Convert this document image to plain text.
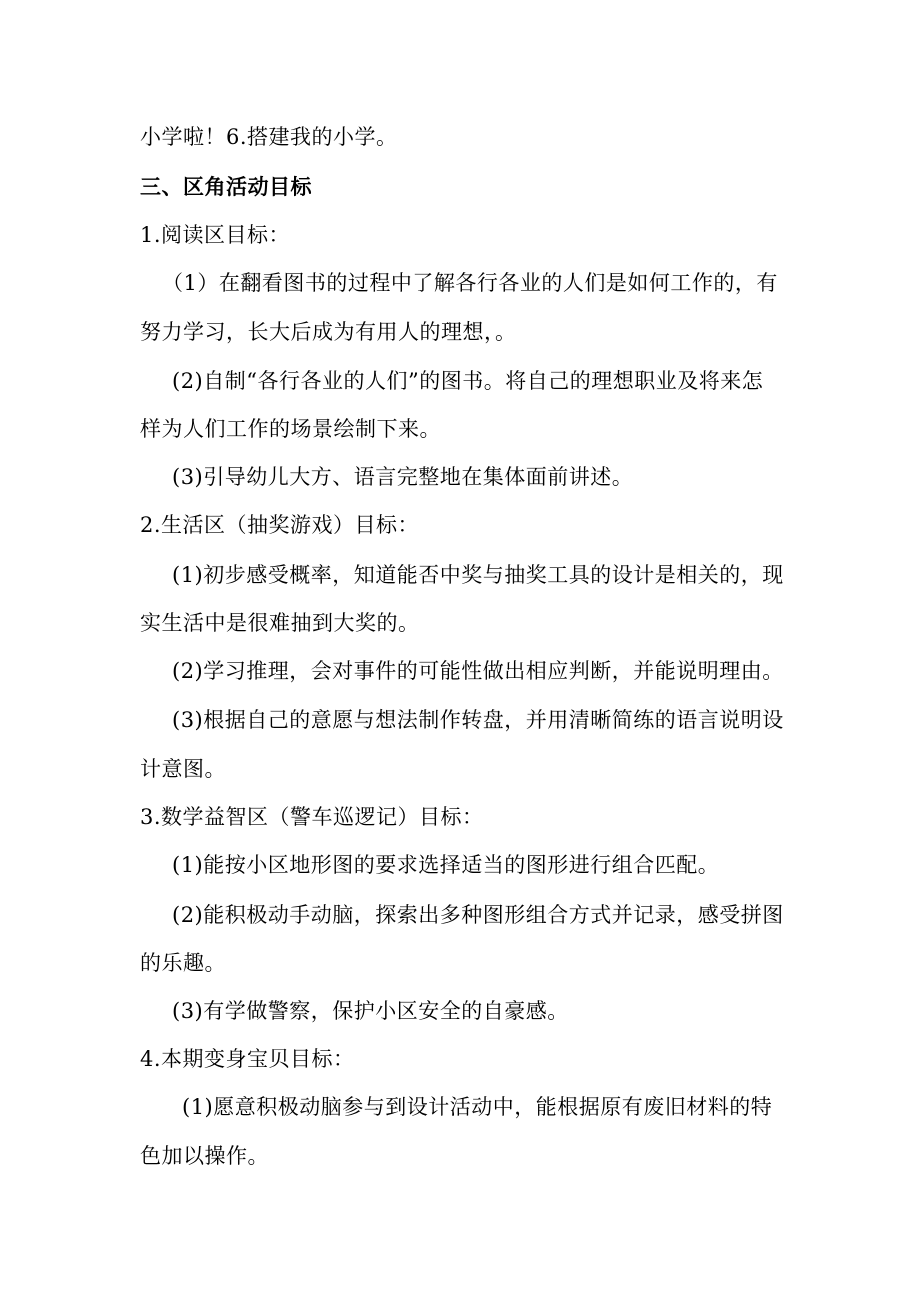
小学啦！6.搭建我的小学。
三、区角活动目标
1.阅读区目标：
（1）在翻看图书的过程中了解各行各业的人们是如何工作的，有
努力学习，长大后成为有用人的理想，。
(2)自制“各行各业的人们”的图书。将自己的理想职业及将来怎
样为人们工作的场景绘制下来。
(3)引导幼儿大方、语言完整地在集体面前讲述。
2.生活区（抽奖游戏）目标：
(1)初步感受概率，知道能否中奖与抽奖工具的设计是相关的，现
实生活中是很难抽到大奖的。
(2)学习推理，会对事件的可能性做出相应判断，并能说明理由。
(3)根据自己的意愿与想法制作转盘，并用清晰简练的语言说明设
计意图。
3.数学益智区（警车巡逻记）目标：
(1)能按小区地形图的要求选择适当的图形进行组合匹配。
(2)能积极动手动脑，探索出多种图形组合方式并记录，感受拼图
的乐趣。
(3)有学做警察，保护小区安全的自豪感。
4.本期变身宝贝目标：
(1)愿意积极动脑参与到设计活动中，能根据原有废旧材料的特
色加以操作。
